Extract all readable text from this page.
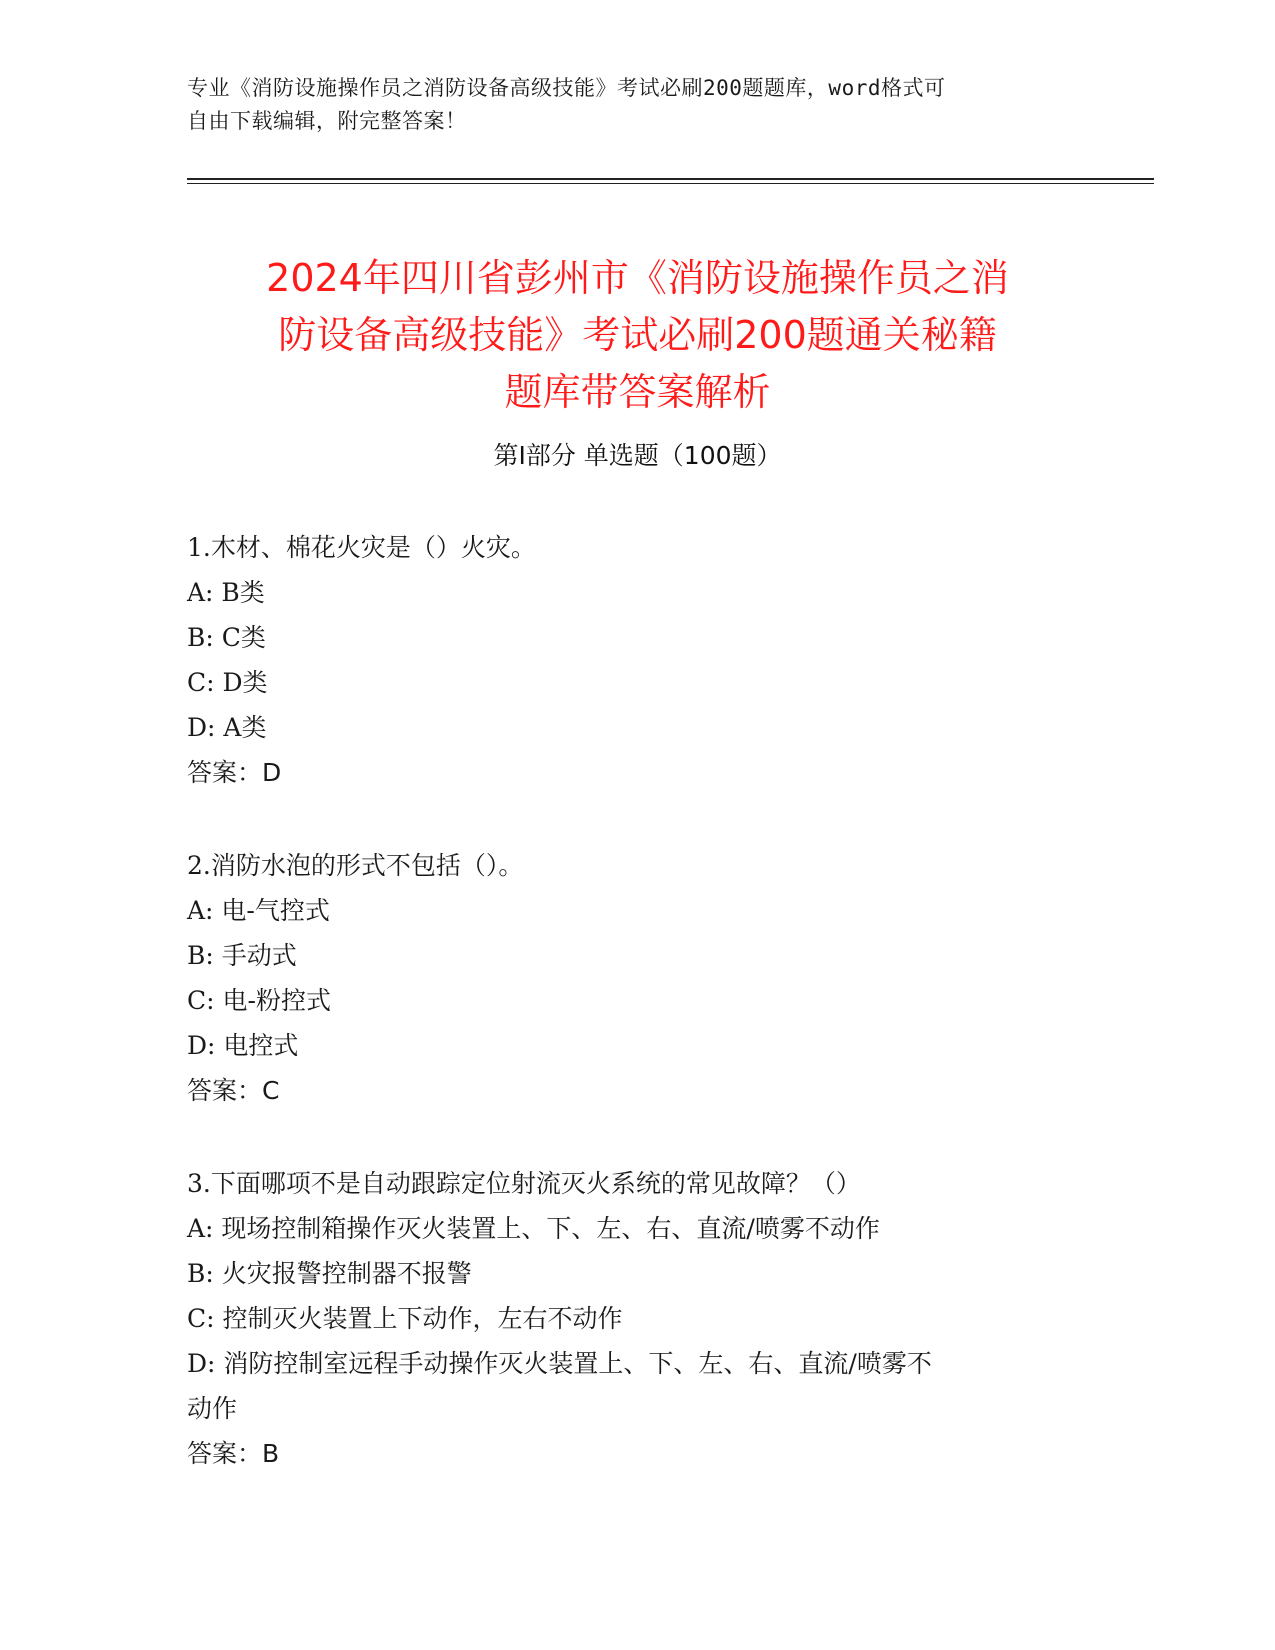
专业《消防设施操作员之消防设备高级技能》考试必刷200题题库，word格式可
自由下载编辑，附完整答案！
2024年四川省彭州市《消防设施操作员之消
防设备高级技能》考试必刷200题通关秘籍
题库带答案解析
第Ⅰ部分 单选题（100题）
1.木材、棉花火灾是（）火灾。
A: B类
B: C类
C: D类
D: A类
答案：D
2.消防水泡的形式不包括（）。
A: 电-气控式
B: 手动式
C: 电-粉控式
D: 电控式
答案：C
3.下面哪项不是自动跟踪定位射流灭火系统的常见故障？（）
A: 现场控制箱操作灭火装置上、下、左、右、直流/喷雾不动作
B: 火灾报警控制器不报警
C: 控制灭火装置上下动作，左右不动作
D: 消防控制室远程手动操作灭火装置上、下、左、右、直流/喷雾不
动作
答案：B
